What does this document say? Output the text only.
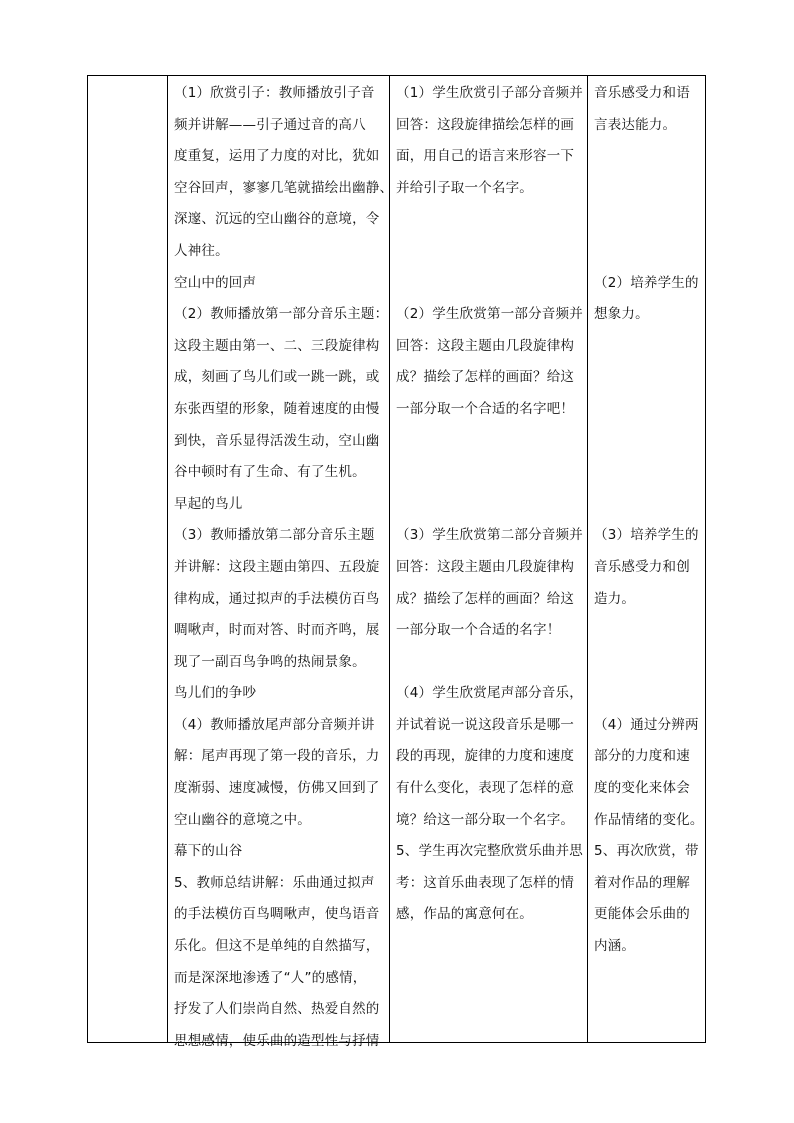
（1）欣赏引子：教师播放引子音
频并讲解——引子通过音的高八
度重复，运用了力度的对比，犹如
空谷回声，寥寥几笔就描绘出幽静、
深邃、沉远的空山幽谷的意境，令
人神往。
空山中的回声
（2）教师播放第一部分音乐主题：
这段主题由第一、二、三段旋律构
成，刻画了鸟儿们或一跳一跳，或
东张西望的形象，随着速度的由慢
到快，音乐显得活泼生动，空山幽
谷中顿时有了生命、有了生机。
早起的鸟儿
（3）教师播放第二部分音乐主题
并讲解：这段主题由第四、五段旋
律构成，通过拟声的手法模仿百鸟
啁啾声，时而对答、时而齐鸣，展
现了一副百鸟争鸣的热闹景象。
鸟儿们的争吵
（4）教师播放尾声部分音频并讲
解：尾声再现了第一段的音乐，力
度渐弱、速度减慢，仿佛又回到了
空山幽谷的意境之中。
幕下的山谷
5、教师总结讲解：乐曲通过拟声
的手法模仿百鸟啁啾声，使鸟语音
乐化。但这不是单纯的自然描写，
而是深深地渗透了“人”的感情，
抒发了人们崇尚自然、热爱自然的
思想感情，使乐曲的造型性与抒情
（1）学生欣赏引子部分音频并
回答：这段旋律描绘怎样的画
面，用自己的语言来形容一下
并给引子取一个名字。

（2）学生欣赏第一部分音频并
回答：这段主题由几段旋律构
成？描绘了怎样的画面？给这
一部分取一个合适的名字吧！

（3）学生欣赏第二部分音频并
回答：这段主题由几段旋律构
成？描绘了怎样的画面？给这
一部分取一个合适的名字！

（4）学生欣赏尾声部分音乐，
并试着说一说这段音乐是哪一
段的再现，旋律的力度和速度
有什么变化，表现了怎样的意
境？给这一部分取一个名字。
5、学生再次完整欣赏乐曲并思
考：这首乐曲表现了怎样的情
感，作品的寓意何在。
音乐感受力和语
言表达能力。

（2）培养学生的
想象力。

（3）培养学生的
音乐感受力和创
造力。

（4）通过分辨两
部分的力度和速
度的变化来体会
作品情绪的变化。
5、再次欣赏，带
着对作品的理解
更能体会乐曲的
内涵。
